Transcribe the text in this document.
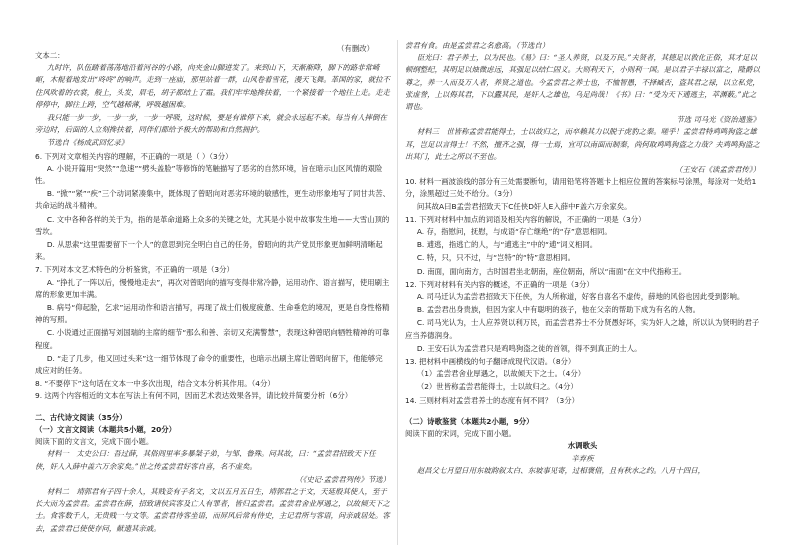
（有删改）

文本二：

九时许，队伍踏着荡荡地沿着河谷的小路，向夹金山脚进发了。来到山下，天渐渐降，脚下的路非常崎岖，木棍着地发出“咚咚”的响声。走到一座庙，那里站着一群，山风卷着雪花，漫天飞舞。革国的家，就拉不住风吹着的衣裳，般上，头发，眉毛，胡子都结上了霜。我们牢牢地搀扶着，一个紧接着一个地往上走。走走停停中，脚往上跨，空气越稀薄，呼吸越困难。

我只能一步一步，一步一步，一步一呼吸，这时候，要是有谁停下来，就会永远起不来。每当有人摔倒在旁边时，后面的人立刻搀扶着，同伴们都给予极大的帮助和自然拥护。

节选自《杨成武回忆录》

6. 下列对文章相关内容的理解，不正确的一项是（ ）（3分）

A. 小说开篇用“突然”“急速”“劈头盖脸”等修饰的笔触描写了恶劣的自然环境，旨在暗示山区风情的艰险性。

B. “掀”“紧”“疾”三个动词紧凑集中，既体现了曾昭向对恶劣环境的敏感性，更生动形象地写了同甘共苦、共命运的战斗精神。

C. 文中各种各样的关于为，指的是革命道路上众多的关键之处，尤其是小说中故事发生地——大雪山顶的雪坎。

D. 从思索“这里需要留下一个人”的意思到完全明白自己的任务，曾昭向的共产党员形象更加鲜明清晰起来。

7. 下列对本文艺术特色的分析鉴赏，不正确的一项是（3分）

A. “挣扎了一阵以后，慢慢地走去”，再次对曾昭向的描写变得非常冷静，运用动作、语言描写，使用刷主席的形象更加丰满。

B. 病号“仰起脸，乞求”运用动作和语言描写，再现了战士们极度疲惫、生命垂危的境况，更是自身性格精神的写照。

C. 小说通过正面描写刘国瑞的主席的细节“那么和善、亲切又充满警慧”，表现这种曾昭向牺牲精神的可靠程度。

D. “走了几步，他又回过头来”这一细节体现了命令的重要性，也暗示出刷主席让曾昭向留下，他能够完成应对的任务。

8. “不要停下”这句话在文本一中多次出现，结合文本分析其作用。（4分）

9. 这两个内容相近的文本在写法上有何不同，因而艺术表达效果各异，请比较并简要分析（6分）

二、古代诗文阅读（35分）

（一）文言文阅读（本题共5小题，20分）

阅读下面的文言文，完成下面小题。

材料一　太史公曰：吾过薛，其俗闾里率多暴桀子弟，与邹、鲁殊。问其故，曰：“孟尝君招致天下任侠，奸人入薛中盖六万余家矣。”世之传孟尝君好客自喜，名不虚矣。

（《史记·孟尝君列传》节选）

材料二　靖郭君有子四十余人，其贱妾有子名文，文以五月五日生，靖郭君之于文，天延殷其使人，至于长大而为孟尝君。孟尝君在薛，招致诸侯宾客及亡人有罪者，皆归孟尝君。孟尝君舍业厚遇之，以故倾天下之士。食客数千人，无贵贱一与文等。孟尝君待客坐语，而屏风后常有侍史，主记君所与客语，问亲戚居处。客去，孟尝君已使使存问，献遗其亲戚。

尝君有食。由是孟尝君之名愈高。（节选自）

臣光曰：君子养士，以为民也。《易》曰：“圣人养贤，以及万民。”夫贤者，其德足以敦化正俗，其才足以顿纲整纪，其明足以烛微虑远，其强足以结仁固义。大则利天下，小则利一国。是以君子丰禄以富之，隆爵以尊之，养一人而及万人者，养贤之道也。今孟尝君之养士也，不恤智愚，不择臧否，盗其君之禄，以立私党，张虚誉，上以侮其君，下以蠹其民，是奸人之雄也，乌足尚哉！《书》曰：“受为天下逋逃主，萃渊薮。”此之谓也。

节选 司马光《资治通鉴》

材料三　世皆称孟尝君能得士，士以故归之，而卒赖其力以脱于虎豹之秦。嗟乎！孟尝君特鸡鸣狗盗之雄耳，岂足以言得士！不然，擅齐之强，得一士焉，宜可以南面而制秦，尚何取鸡鸣狗盗之力哉？夫鸡鸣狗盗之出其门，此士之所以不至也。

（王安石《读孟尝君传》）

10. 材料一画波浪线的部分有三处需要断句，请用铅笔将答题卡上相应位置的答案标号涂黑，每涂对一处给1分，涂黑超过三处不给分。（3分）

问其故A曰B孟尝君招致天下C任侠D奸人E入薛中F盖六万余家矣。

11. 下列对材料中加点的词语及相关内容的解说，不正确的一项是（3分）

A. 存，指慰问，抚慰，与成语“存亡继绝”的“存”意思相同。

B. 逋逃，指逃亡的人，与“逋逃主”中的“逋”词义相同。

C. 特，只，只不过，与“岂特”的“特”意思相同。

D. 南面，面向南方，古时国君坐北朝南，座位朝南，所以“南面”在文中代指称王。

12. 下列对材料有关内容的概述，不正确的一项是（3分）

A. 司马迁认为孟尝君招致天下任侠，为人所称道，好客自喜名不虚传，薛地的风俗也因此受到影响。

B. 孟尝君出身贵族，但因为家人中有聪明的孩子，他在父亲的帮助下成为有名的人物。

C. 司马光认为，士人应养贤以利万民，而孟尝君养士不分贤愚好坏，实为奸人之雄，所以认为贤明的君子应当养德润身。

D. 王安石认为孟尝君只是鸡鸣狗盗之徒的首领，得不到真正的士人。

13. 把材料中画横线的句子翻译成现代汉语。（8分）

（1）孟尝君舍业厚遇之，以故倾天下之士。（4分）

（2）世皆称孟尝君能得士，士以故归之。（4分）

14. 三则材料对孟尝君养士的态度有何不同？（3分）

（二）诗歌鉴赏（本题共2小题，9分）

阅读下面的宋词，完成下面小题。

水调歌头

辛弃疾

赵昌父七月望日用东坡韵叙太白、东坡事见寄，过相褒借，且有秋水之约。八月十四日，
